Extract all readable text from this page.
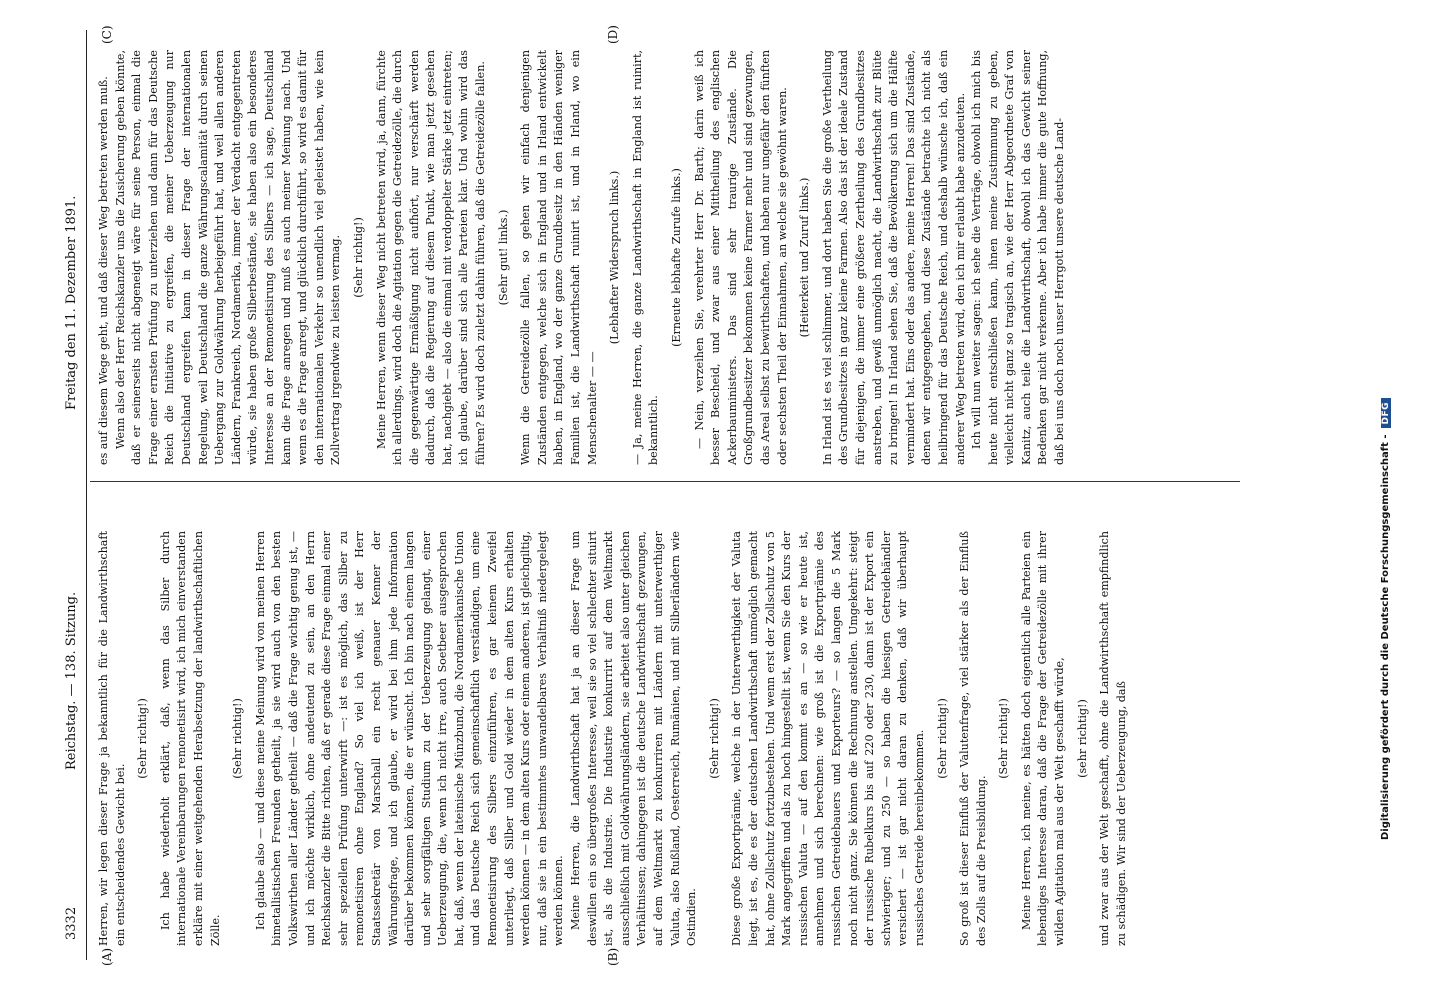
3332
Reichstag. — 138. Sitzung.
Freitag den 11. Dezember 1891.
(A)	(B)
(C)	(D)

Herren, wir legen dieser Frage ja bekanntlich für die Landwirthschaft ein entscheidendes Gewicht bei.

(Sehr richtig!) Ich habe wiederholt erklärt, daß, wenn das Silber durch internationale Vereinbarungen remonetisirt wird, ich mich einverstanden erkläre mit einer weitgehenden Herabsetzung der landwirthschaftlichen Zölle.

(Sehr richtig!) Ich glaube also — und diese meine Meinung wird von meinen Herren bimetallistischen Freunden getheilt, ja sie wird auch von den besten Volkswirthen aller Länder getheilt — daß die Frage wichtig genug ist, — und ich möchte wirklich, ohne andeutend zu sein, an den Herrn Reichskanzler die Bitte richten, daß er gerade diese Frage einmal einer sehr speziellen Prüfung unterwirft —: ist es möglich, das Silber zu remonetisiren ohne England? So viel ich weiß, ist der Herr Staatssekretär von Marschall ein recht genauer Kenner der Währungsfrage, und ich glaube, er wird bei ihm jede Information darüber bekommen können, die er wünscht. Ich bin nach einem langen und sehr sorgfältigen Studium zu der Ueberzeugung gelangt, einer Ueberzeugung, die, wenn ich nicht irre, auch Soetbeer ausgesprochen hat, daß, wenn der lateinische Münzbund, die Nordamerikanische Union und das Deutsche Reich sich gemeinschaftlich verständigen, um eine Remonetisirung des Silbers einzuführen, es gar keinem Zweifel unterliegt, daß Silber und Gold wieder in dem alten Kurs erhalten werden können — in dem alten Kurs oder einem anderen, ist gleichgiltig, nur, daß sie in ein bestimmtes unwandelbares Verhältniß niedergelegt werden können. Meine Herren, die Landwirthschaft hat ja an dieser Frage um deswillen ein so übergroßes Interesse, weil sie so viel schlechter situirt ist, als die Industrie. Die Industrie konkurrirt auf dem Weltmarkt ausschließlich mit Goldwährungsländern, sie arbeitet also unter gleichen Verhältnissen; dahingegen ist die deutsche Landwirthschaft gezwungen, auf dem Weltmarkt zu konkurriren mit Ländern mit unterwerthiger Valuta, also Rußland, Oesterreich, Rumänien, und mit Silberländern wie Ostindien.

(Sehr richtig!) Diese große Exportprämie, welche in der Unterwerthigkeit der Valuta liegt, ist es, die es der deutschen Landwirthschaft unmöglich gemacht hat, ohne Zollschutz fortzubestehen. Und wenn erst der Zollschutz von 5 Mark angegriffen und als zu hoch hingestellt ist, wenn Sie den Kurs der russischen Valuta — auf den kommt es an — so wie er heute ist, annehmen und sich berechnen: wie groß ist die Exportprämie des russischen Getreidebauers und Exporteurs? — so langen die 5 Mark noch nicht ganz. Sie können die Rechnung anstellen. Umgekehrt: steigt der russische Rubelkurs bis auf 220 oder 230, dann ist der Export ein schwieriger; und zu 250 — so haben die hiesigen Getreidehändler versichert — ist gar nicht daran zu denken, daß wir überhaupt russisches Getreide hereinbekommen. (Sehr richtig!) So groß ist dieser Einfluß der Valutenfrage, viel stärker als der Einfluß des Zolls auf die Preisbildung.

(Sehr richtig!) Meine Herren, ich meine, es hätten doch eigentlich alle Parteien ein lebendiges Interesse daran, daß die Frage der Getreidezölle mit ihrer wilden Agitation mal aus der Welt geschafft würde, (sehr richtig!) und zwar aus der Welt geschafft, ohne die Landwirthschaft empfindlich zu schädigen. Wir sind der Ueberzeugung, daß

es auf diesem Wege geht, und daß dieser Weg betreten werden muß. Wenn also der Herr Reichskanzler uns die Zusicherung geben könnte, daß er seinerseits nicht abgeneigt wäre für seine Person, einmal die Frage einer ernsten Prüfung zu unterziehen und dann für das Deutsche Reich die Initiative zu ergreifen, die meiner Ueberzeugung nur Deutschland ergreifen kann in dieser Frage der internationalen Regelung, weil Deutschland die ganze Währungscalamität durch seinen Uebergang zur Goldwährung herbeigeführt hat, und weil allen anderen Ländern, Frankreich, Nordamerika, immer der Verdacht entgegentreten würde, sie haben große Silberbestände, sie haben also ein besonderes Interesse an der Remonetisirung des Silbers — ich sage, Deutschland kann die Frage anregen und muß es auch meiner Meinung nach. Und wenn es die Frage anregt, und glücklich durchführt, so wird es damit für den internationalen Verkehr so unendlich viel geleistet haben, wie kein Zollvertrag irgendwie zu leisten vermag. (Sehr richtig!) Meine Herren, wenn dieser Weg nicht betreten wird, ja, dann, fürchte ich allerdings, wird doch die Agitation gegen die Getreidezölle, die durch die gegenwärtige Ermäßigung nicht aufhört, nur verschärft werden dadurch, daß die Regierung auf diesem Punkt, wie man jetzt gesehen hat, nachgiebt — also die einmal mit verdoppelter Stärke jetzt eintreten; ich glaube, darüber sind sich alle Parteien klar. Und wohin wird das führen? Es wird doch zuletzt dahin führen, daß die Getreidezölle fallen. (Sehr gut! links.) Wenn die Getreidezölle fallen, so gehen wir einfach denjenigen Zuständen entgegen, welche sich in England und in Irland entwickelt haben, in England, wo der ganze Grundbesitz in den Händen weniger Familien ist, die Landwirthschaft ruinirt ist, und in Irland, wo ein Menschenalter — —

(Lebhafter Widerspruch links.) — Ja, meine Herren, die ganze Landwirthschaft in England ist ruinirt, bekanntlich.

(Erneute lebhafte Zurufe links.) — Nein, verzeihen Sie, verehrter Herr Dr. Barth; darin weiß ich besser Bescheid, und zwar aus einer Mittheilung des englischen Ackerbauministers. Das sind sehr traurige Zustände. Die Großgrundbesitzer bekommen keine Farmer mehr und sind gezwungen, das Areal selbst zu bewirthschaften, und haben nur ungefähr den fünften oder sechsten Theil der Einnahmen, an welche sie gewöhnt waren. (Heiterkeit und Zuruf links.) In Irland ist es viel schlimmer, und dort haben Sie die große Vertheilung des Grundbesitzes in ganz kleine Farmen. Also das ist der ideale Zustand für diejenigen, die immer eine größere Zertheilung des Grundbesitzes anstreben, und gewiß unmöglich macht, die Landwirthschaft zur Blüte zu bringen! In Irland sehen Sie, daß die Bevölkerung sich um die Hälfte vermindert hat. Eins oder das andere, meine Herren! Das sind Zustände, denen wir entgegengehen, und diese Zustände betrachte ich nicht als heilbringend für das Deutsche Reich, und deshalb wünsche ich, daß ein anderer Weg betreten wird, den ich mir erlaubt habe anzudeuten. Ich will nun weiter sagen: ich sehe die Verträge, obwohl ich mich bis heute nicht entschließen kann, ihnen meine Zustimmung zu geben, vielleicht nicht ganz so tragisch an, wie der Herr Abgeordnete Graf von Kanitz, auch teile die Landwirthschaft, obwohl ich das Gewicht seiner Bedenken gar nicht verkenne. Aber ich habe immer die gute Hoffnung, daß bei uns doch noch unser Herrgott unsere deutsche Land-

Digitalisierung gefördert durch die Deutsche Forschungsgemeinschaft -DFG
